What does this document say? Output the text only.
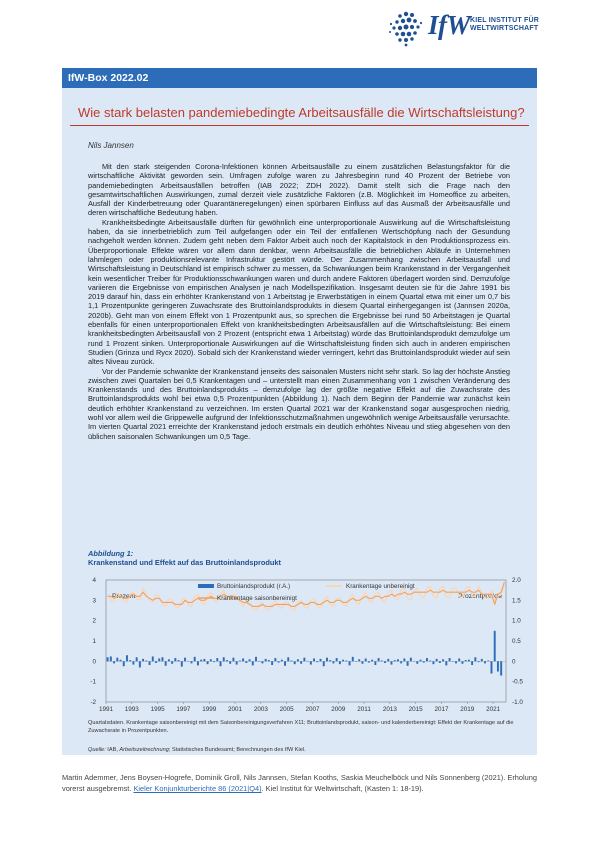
IfW KIEL INSTITUT FÜR
WELTWIRTSCHAFT
IfW-Box 2022.02
Wie stark belasten pandemiebedingte Arbeitsausfälle die Wirtschaftsleistung?
Nils Jannsen

Mit den stark steigenden Corona-Infektionen können Arbeitsausfälle zu einem zusätzlichen Belastungsfaktor für die wirtschaftliche Aktivität geworden sein. Umfragen zufolge waren zu Jahresbeginn rund 40 Prozent der Betriebe von pandemiebedingten Arbeitsausfällen betroffen (IAB 2022; ZDH 2022). Damit stellt sich die Frage nach den gesamtwirtschaftlichen Auswirkungen, zumal derzeit viele zusätzliche Faktoren (z.B. Möglichkeit im Homeoffice zu arbeiten, Ausfall der Kinderbetreuung oder Quarantäneregelungen) einen spürbaren Einfluss auf das Ausmaß der Arbeitsausfälle und deren wirtschaftliche Bedeutung haben.

Krankheitsbedingte Arbeitsausfälle dürften für gewöhnlich eine unterproportionale Auswirkung auf die Wirtschaftsleistung haben, da sie innerbetrieblich zum Teil aufgefangen oder ein Teil der entfallenen Wertschöpfung nach der Gesundung nachgeholt werden können. Zudem geht neben dem Faktor Arbeit auch noch der Kapitalstock in den Produktionsprozess ein. Überproportionale Effekte wären vor allem dann denkbar, wenn Arbeitsausfälle die betrieblichen Abläufe in Unternehmen lahmlegen oder produktionsrelevante Infrastruktur gestört würde. Der Zusammenhang zwischen Arbeitsausfall und Wirtschaftsleistung in Deutschland ist empirisch schwer zu messen, da Schwankungen beim Krankenstand in der Vergangenheit kein wesentlicher Treiber für Produktionsschwankungen waren und durch andere Faktoren überlagert worden sind. Demzufolge variieren die Ergebnisse von empirischen Analysen je nach Modellspezifikation. Insgesamt deuten sie für die Jahre 1991 bis 2019 darauf hin, dass ein erhöhter Krankenstand von 1 Arbeitstag je Erwerbstätigen in einem Quartal etwa mit einer um 0,7 bis 1,1 Prozentpunkte geringeren Zuwachsrate des Bruttoinlandsprodukts in diesem Quartal einhergegangen ist (Jannsen 2020a, 2020b). Geht man von einem Effekt von 1 Prozentpunkt aus, so sprechen die Ergebnisse bei rund 50 Arbeitstagen je Quartal ebenfalls für einen unterproportionalen Effekt von krankheitsbedingten Arbeitsausfällen auf die Wirtschaftsleistung: Bei einem krankheitsbedingten Arbeitsausfall von 2 Prozent (entspricht etwa 1 Arbeitstag) würde das Bruttoinlandsprodukt demzufolge um rund 1 Prozent sinken. Unterproportionale Auswirkungen auf die Wirtschaftsleistung finden sich auch in anderen empirischen Studien (Grinza und Rycx 2020). Sobald sich der Krankenstand wieder verringert, kehrt das Bruttoinlandsprodukt wieder auf sein altes Niveau zurück.

Vor der Pandemie schwankte der Krankenstand jenseits des saisonalen Musters nicht sehr stark. So lag der höchste Anstieg zwischen zwei Quartalen bei 0,5 Krankentagen und – unterstellt man einen Zusammenhang von 1 zwischen Veränderung des Krankenstands und des Bruttoinlandsprodukts – demzufolge lag der größte negative Effekt auf die Zuwachsrate des Bruttoinlandsprodukts wohl bei etwa 0,5 Prozentpunkten (Abbildung 1). Nach dem Beginn der Pandemie war zunächst kein deutlich erhöhter Krankenstand zu verzeichnen. Im ersten Quartal 2021 war der Krankenstand sogar ausgesprochen niedrig, wohl vor allem weil die Grippewelle aufgrund der Infektionsschutzmaßnahmen ungewöhnlich wenige Arbeitsausfälle verursachte. Im vierten Quartal 2021 erreichte der Krankenstand jedoch erstmals ein deutlich erhöhtes Niveau und stieg abgesehen von den üblichen saisonalen Schwankungen um 0,5 Tage.

Abbildung 1:
Krankenstand und Effekt auf das Bruttoinlandsprodukt
4
3
2
1
0
-1
-2
2.0
1.5
1.0
0.5
0
-0.5
-1.0
1991 1993 1995 1997 1999 2001 2003 2005 2007 2009 2011 2013 2015 2017 2019 2021
Prozent	Prozentpunkte
Bruttoinlandsprodukt (r.A.)	Krankentage unbereinigt
Krankentage saisonbereinigt
Quartalsdaten. Krankentage saisonbereinigt mit dem Saisonbereinigungsverfahren X11; Bruttoinlandsprodukt, saison- und kalenderbereinigt: Effekt der Krankentage auf die Zuwachsrate in Prozentpunkten.
Quelle: IAB, Arbeitszeitrechnung; Statistisches Bundesamt; Berechnungen des IfW Kiel.
Martin Ademmer, Jens Boysen-Hogrefe, Dominik Groll, Nils Jannsen, Stefan Kooths, Saskia Meuchelböck und Nils Sonnenberg (2021). Erholung vorerst ausgebremst. Kieler Konjunkturberichte 86 (2021|Q4). Kiel Institut für Weltwirtschaft, (Kasten 1: 18-19).
